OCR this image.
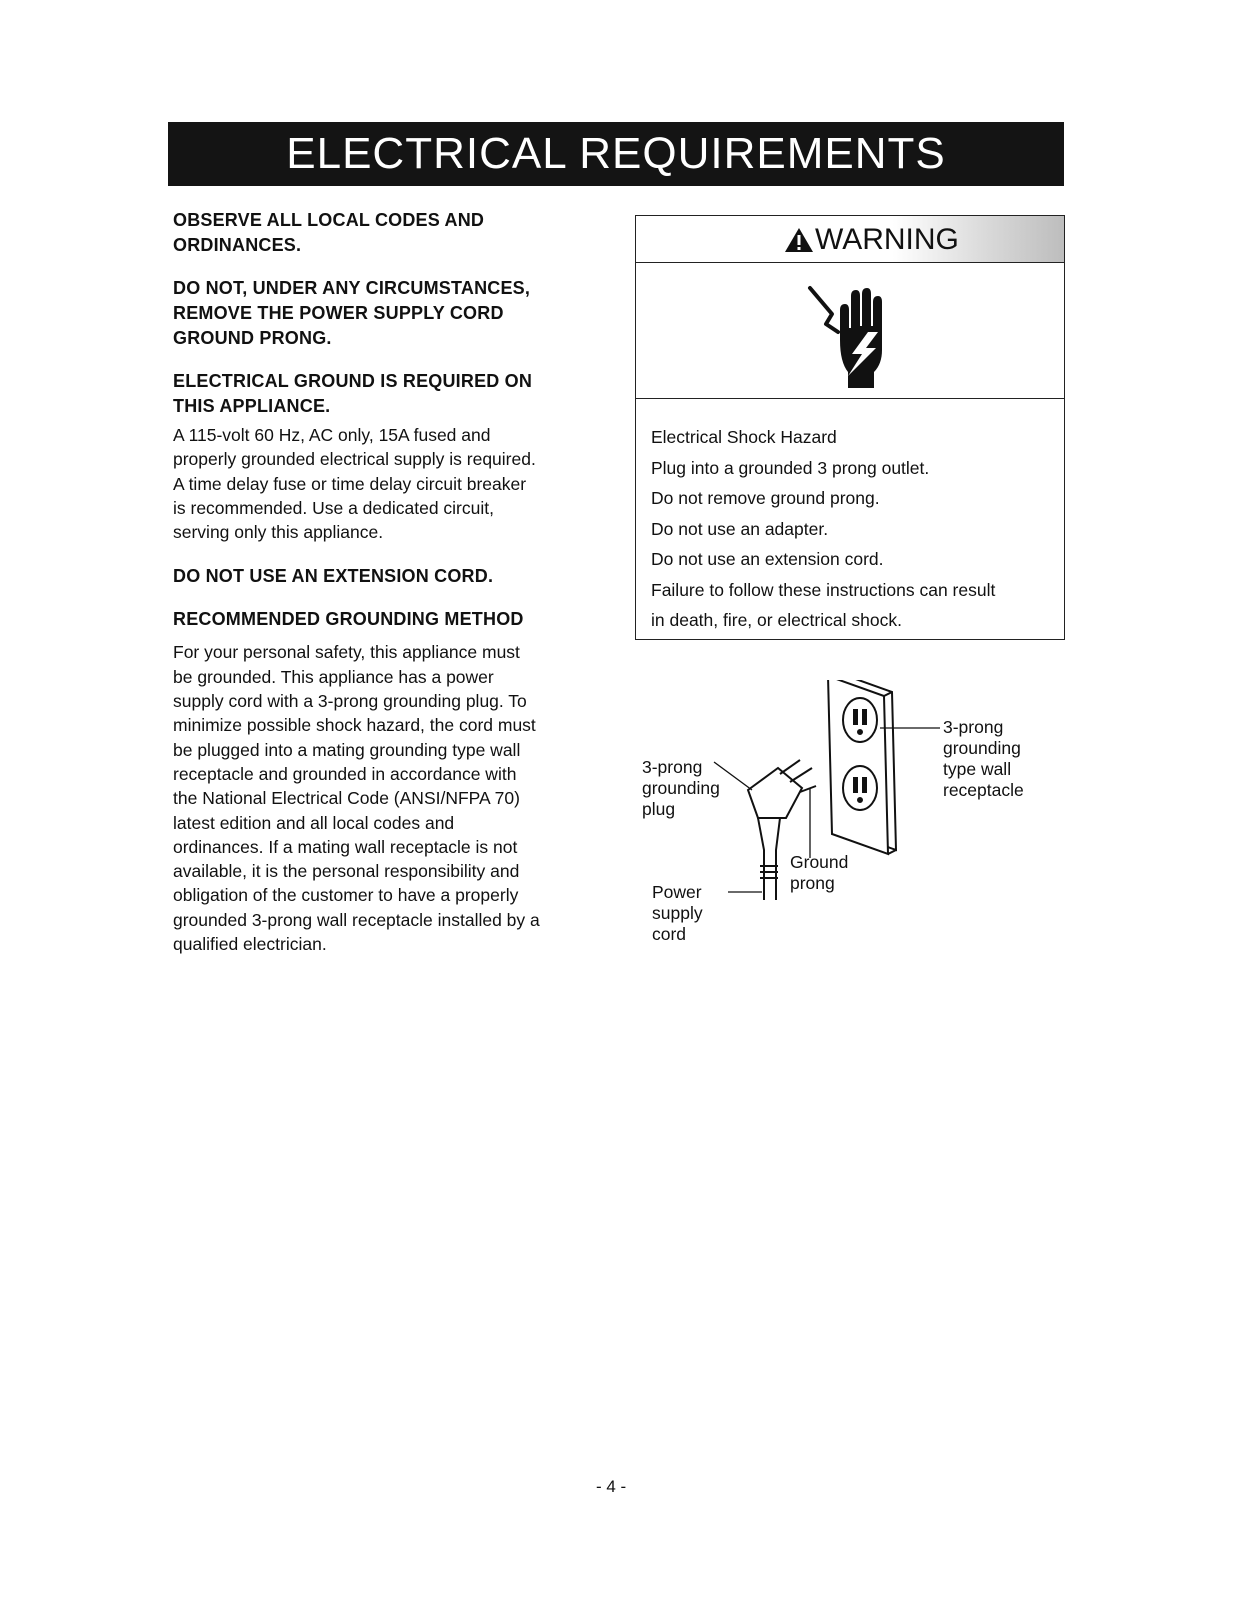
ELECTRICAL REQUIREMENTS
OBSERVE ALL LOCAL CODES AND
ORDINANCES.
DO NOT, UNDER ANY CIRCUMSTANCES,
REMOVE THE POWER SUPPLY CORD
GROUND PRONG.
ELECTRICAL GROUND IS REQUIRED ON
THIS APPLIANCE.
A 115-volt 60 Hz, AC only, 15A fused and
properly grounded electrical supply is required.
A time delay fuse or time delay circuit breaker
is recommended. Use a dedicated circuit,
serving only this appliance.
DO NOT USE AN EXTENSION CORD.
RECOMMENDED GROUNDING METHOD
For your personal safety, this appliance must
be grounded. This appliance has a power
supply cord with a 3-prong grounding plug. To
minimize possible shock hazard, the cord must
be plugged into a mating grounding type wall
receptacle and grounded in accordance with
the National Electrical Code (ANSI/NFPA 70)
latest edition and all local codes and
ordinances. If a mating wall receptacle is not
available, it is the personal responsibility and
obligation of the customer to have a properly
grounded 3-prong wall receptacle installed by a
qualified electrician.
WARNING
Electrical Shock Hazard
Plug into a grounded 3 prong outlet.
Do not remove ground prong.
Do not use an adapter.
Do not use an extension cord.
Failure to follow these instructions can result
in death, fire, or electrical shock.
3-prong
grounding
plug
3-prong
grounding
type wall
receptacle
Ground
prong
Power
supply
cord
- 4 -
